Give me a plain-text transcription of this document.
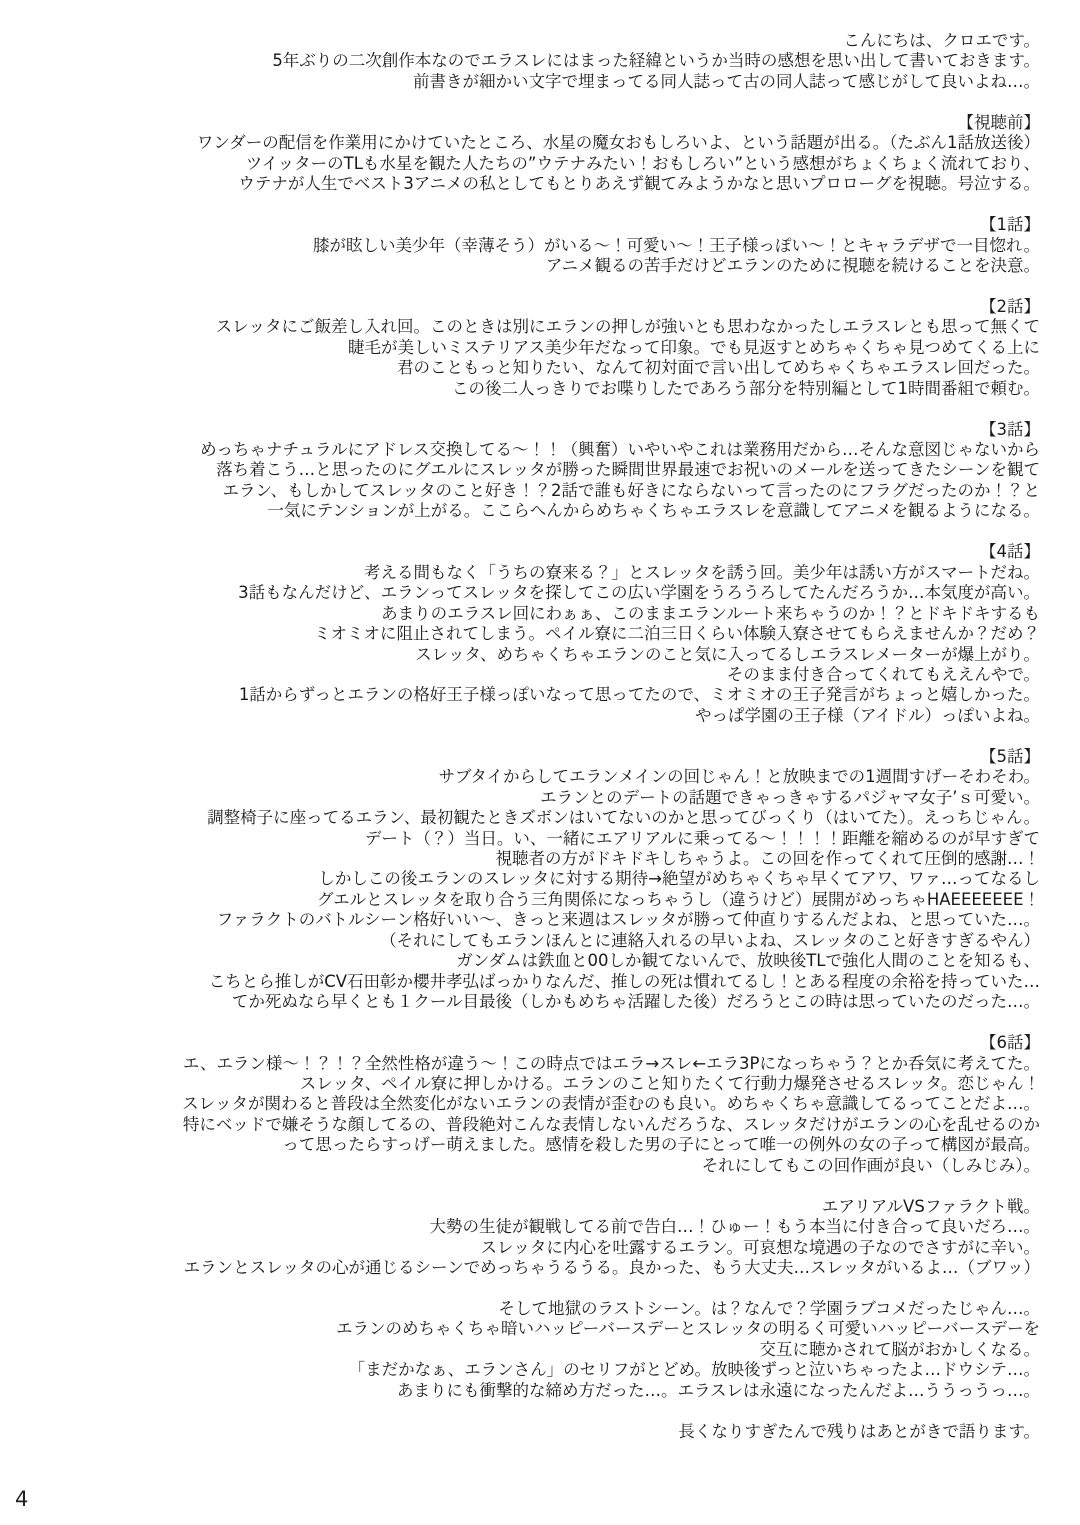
こんにちは、クロエです。
5年ぶりの二次創作本なのでエラスレにはまった経緯というか当時の感想を思い出して書いておきます。
前書きが細かい文字で埋まってる同人誌って古の同人誌って感じがして良いよね…。
【視聴前】
ワンダーの配信を作業用にかけていたところ、水星の魔女おもしろいよ、という話題が出る。（たぶん1話放送後）
ツイッターのTLも水星を観た人たちの”ウテナみたい！おもしろい”という感想がちょくちょく流れており、
ウテナが人生でベスト3アニメの私としてもとりあえず観てみようかなと思いプロローグを視聴。号泣する。
【1話】
膝が眩しい美少年（幸薄そう）がいる〜！可愛い〜！王子様っぽい〜！とキャラデザで一目惚れ。
アニメ観るの苦手だけどエランのために視聴を続けることを決意。
【2話】
スレッタにご飯差し入れ回。このときは別にエランの押しが強いとも思わなかったしエラスレとも思って無くて
睫毛が美しいミステリアス美少年だなって印象。でも見返すとめちゃくちゃ見つめてくる上に
君のこともっと知りたい、なんて初対面で言い出してめちゃくちゃエラスレ回だった。
この後二人っきりでお喋りしたであろう部分を特別編として1時間番組で頼む。
【3話】
めっちゃナチュラルにアドレス交換してる〜！！（興奮）いやいやこれは業務用だから…そんな意図じゃないから
落ち着こう…と思ったのにグエルにスレッタが勝った瞬間世界最速でお祝いのメールを送ってきたシーンを観て
エラン、もしかしてスレッタのこと好き！？2話で誰も好きにならないって言ったのにフラグだったのか！？と
一気にテンションが上がる。ここらへんからめちゃくちゃエラスレを意識してアニメを観るようになる。
【4話】
考える間もなく「うちの寮来る？」とスレッタを誘う回。美少年は誘い方がスマートだね。
3話もなんだけど、エランってスレッタを探してこの広い学園をうろうろしてたんだろうか…本気度が高い。
あまりのエラスレ回にわぁぁ、このままエランルート来ちゃうのか！？とドキドキするも
ミオミオに阻止されてしまう。ペイル寮に二泊三日くらい体験入寮させてもらえませんか？だめ？
スレッタ、めちゃくちゃエランのこと気に入ってるしエラスレメーターが爆上がり。
そのまま付き合ってくれてもええんやで。
1話からずっとエランの格好王子様っぽいなって思ってたので、ミオミオの王子発言がちょっと嬉しかった。
やっぱ学園の王子様（アイドル）っぽいよね。
【5話】
サブタイからしてエランメインの回じゃん！と放映までの1週間すげーそわそわ。
エランとのデートの話題できゃっきゃするパジャマ女子’ｓ可愛い。
調整椅子に座ってるエラン、最初観たときズボンはいてないのかと思ってびっくり（はいてた）。えっちじゃん。
デート（？）当日。い、一緒にエアリアルに乗ってる〜！！！！距離を縮めるのが早すぎて
視聴者の方がドキドキしちゃうよ。この回を作ってくれて圧倒的感謝…！
しかしこの後エランのスレッタに対する期待→絶望がめちゃくちゃ早くてアワ、ワァ…ってなるし
グエルとスレッタを取り合う三角関係になっちゃうし（違うけど）展開がめっちゃHAEEEEEEE！
ファラクトのバトルシーン格好いい〜、きっと来週はスレッタが勝って仲直りするんだよね、と思っていた…。
（それにしてもエランほんとに連絡入れるの早いよね、スレッタのこと好きすぎるやん）
ガンダムは鉄血と00しか観てないんで、放映後TLで強化人間のことを知るも、
こちとら推しがCV石田彰か櫻井孝弘ばっかりなんだ、推しの死は慣れてるし！とある程度の余裕を持っていた…
てか死ぬなら早くとも１クール目最後（しかもめちゃ活躍した後）だろうとこの時は思っていたのだった…。
【6話】
エ、エラン様〜！？！？全然性格が違う〜！この時点ではエラ→スレ←エラ3Pになっちゃう？とか呑気に考えてた。
スレッタ、ペイル寮に押しかける。エランのこと知りたくて行動力爆発させるスレッタ。恋じゃん！
スレッタが関わると普段は全然変化がないエランの表情が歪むのも良い。めちゃくちゃ意識してるってことだよ…。
特にベッドで嫌そうな顔してるの、普段絶対こんな表情しないんだろうな、スレッタだけがエランの心を乱せるのか
って思ったらすっげー萌えました。感情を殺した男の子にとって唯一の例外の女の子って構図が最高。
それにしてもこの回作画が良い（しみじみ）。
エアリアルVSファラクト戦。
大勢の生徒が観戦してる前で告白…！ひゅー！もう本当に付き合って良いだろ…。
スレッタに内心を吐露するエラン。可哀想な境遇の子なのでさすがに辛い。
エランとスレッタの心が通じるシーンでめっちゃうるうる。良かった、もう大丈夫…スレッタがいるよ…（ブワッ）
そして地獄のラストシーン。は？なんで？学園ラブコメだったじゃん…。
エランのめちゃくちゃ暗いハッピーバースデーとスレッタの明るく可愛いハッピーバースデーを
交互に聴かされて脳がおかしくなる。
「まだかなぁ、エランさん」のセリフがとどめ。放映後ずっと泣いちゃったよ…ドウシテ…。
あまりにも衝撃的な締め方だった…。エラスレは永遠になったんだよ…ううっうっ…。
長くなりすぎたんで残りはあとがきで語ります。
4
